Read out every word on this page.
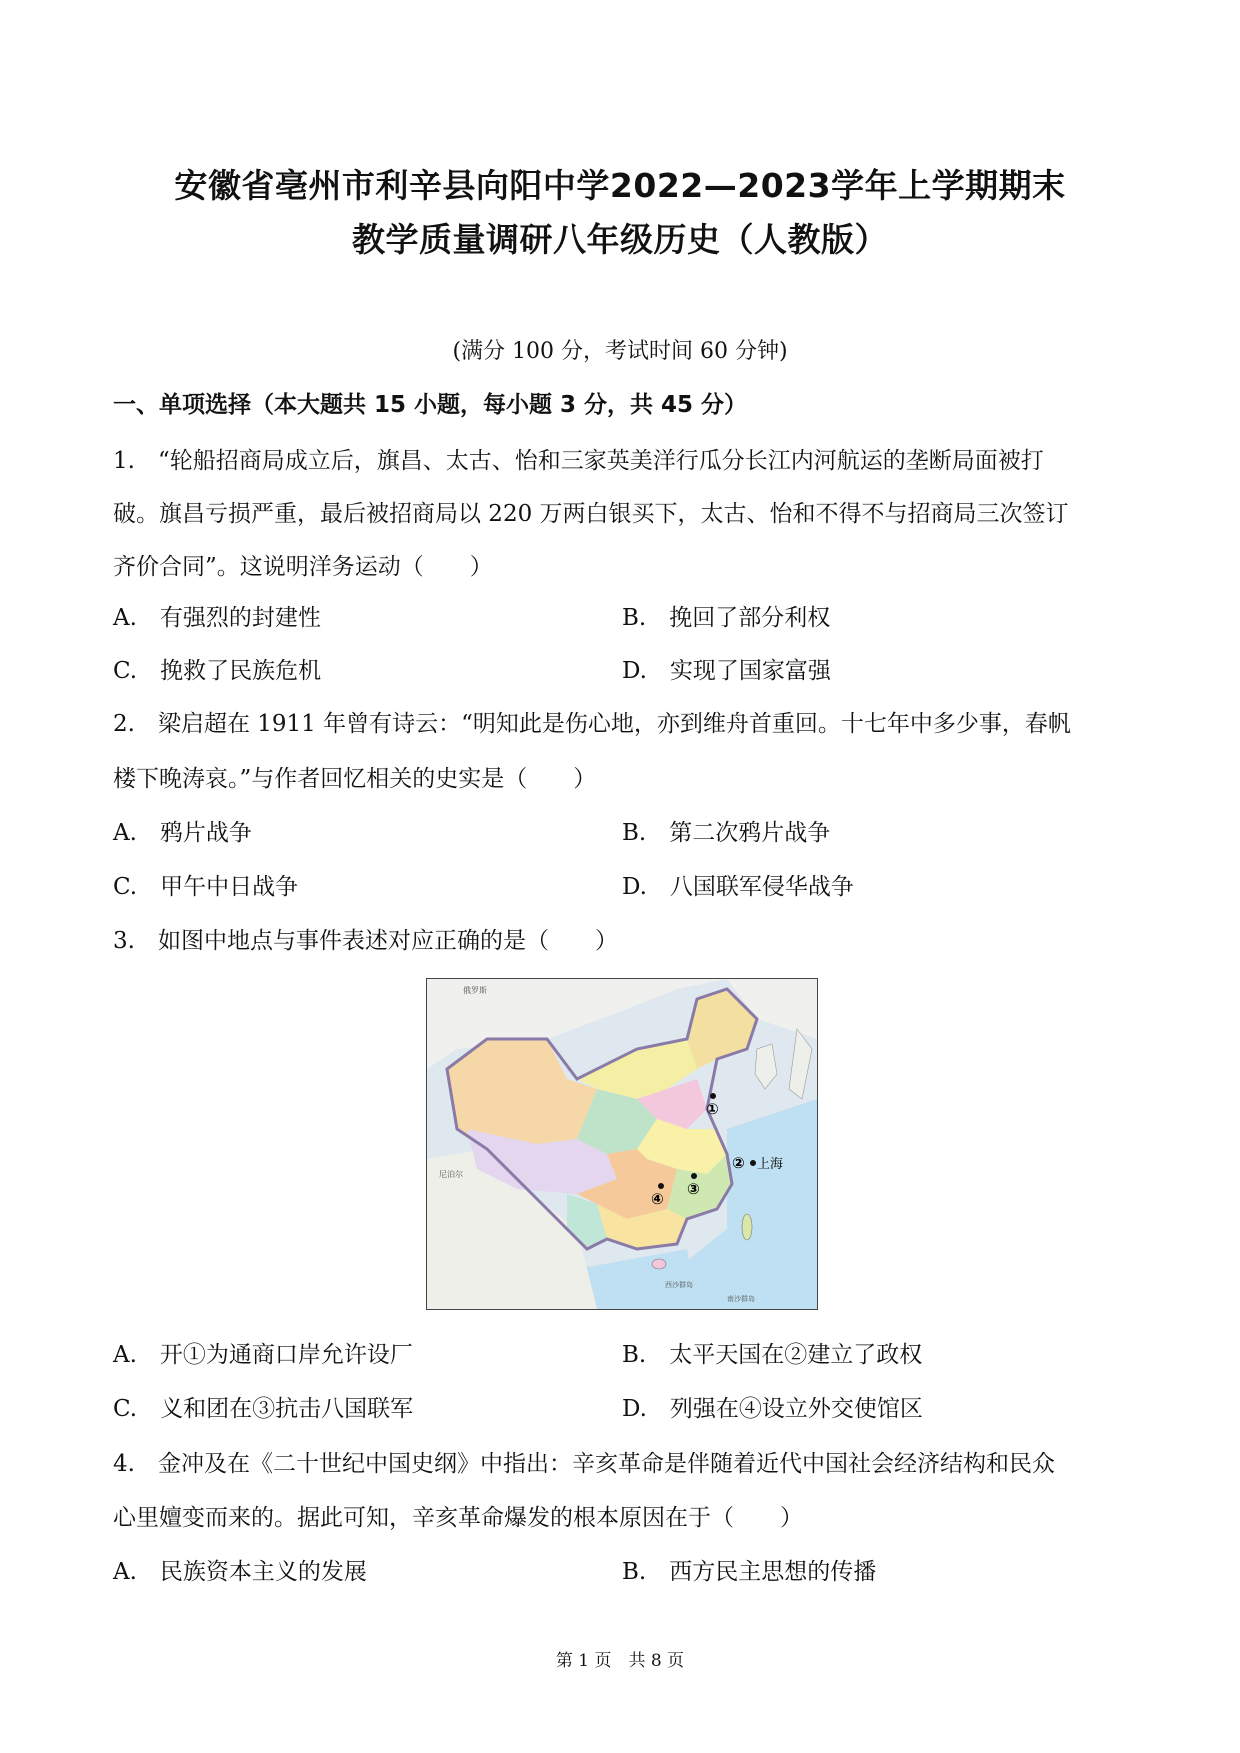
安徽省亳州市利辛县向阳中学2022—2023学年上学期期末
教学质量调研八年级历史（人教版）
(满分 100 分，考试时间 60 分钟)
一、单项选择（本大题共 15 小题，每小题 3 分，共 45 分）
1.　“轮船招商局成立后，旗昌、太古、怡和三家英美洋行瓜分长江内河航运的垄断局面被打
破。旗昌亏损严重，最后被招商局以 220 万两白银买下，太古、怡和不得不与招商局三次签订
齐价合同”。这说明洋务运动（　　）
A.　有强烈的封建性	B.　挽回了部分利权
C.　挽救了民族危机	D.　实现了国家富强
2.　梁启超在 1911 年曾有诗云：“明知此是伤心地，亦到维舟首重回。十七年中多少事，春帆
楼下晚涛哀。”与作者回忆相关的史实是（　　）
A.　鸦片战争	B.　第二次鸦片战争
C.　甲午中日战争	D.　八国联军侵华战争
3.　如图中地点与事件表述对应正确的是（　　）
俄罗斯
尼泊尔
西沙群岛
南沙群岛
①
② 上海
③
④
A.　开①为通商口岸允许设厂	B.　太平天国在②建立了政权
C.　义和团在③抗击八国联军	D.　列强在④设立外交使馆区
4.　金冲及在《二十世纪中国史纲》中指出：辛亥革命是伴随着近代中国社会经济结构和民众
心里嬗变而来的。据此可知，辛亥革命爆发的根本原因在于（　　）
A.　民族资本主义的发展	B.　西方民主思想的传播
第 1 页　共 8 页
